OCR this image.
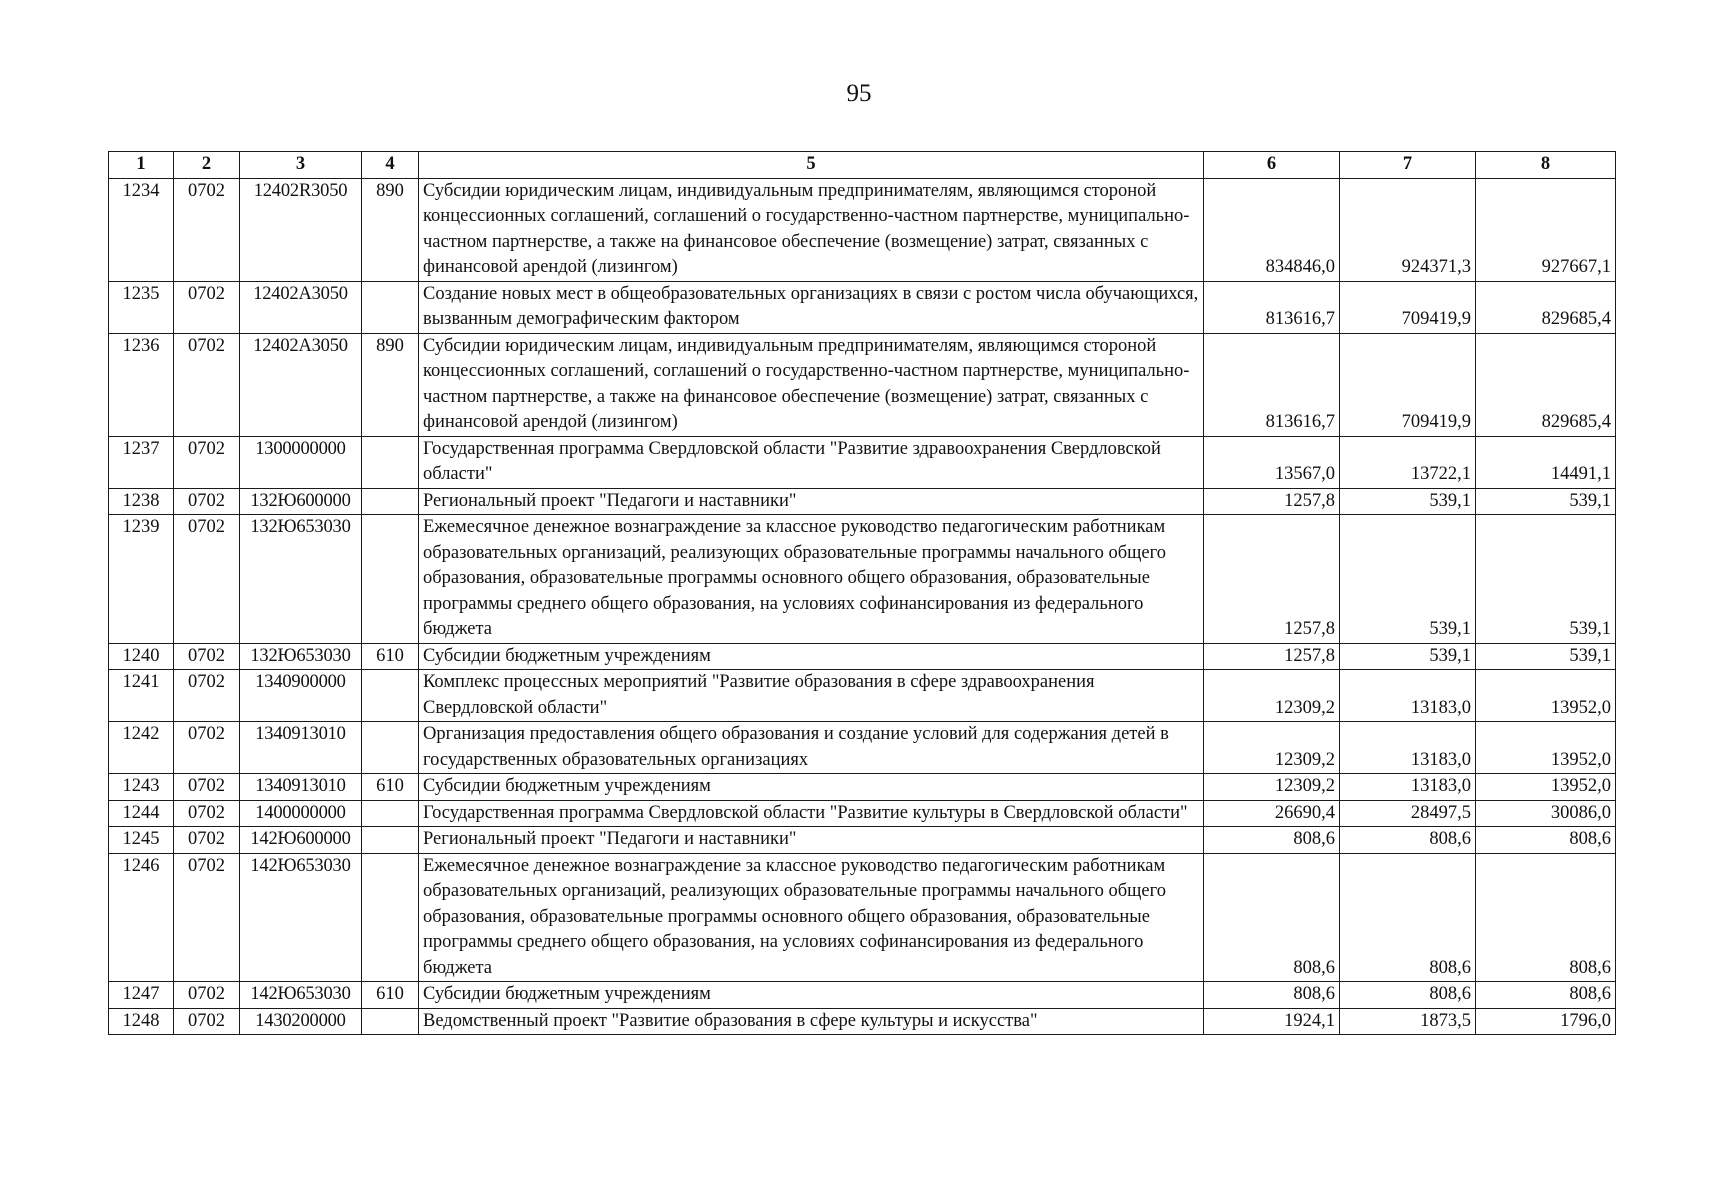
95
1	2	3	4	5	6	7	8
1234	0702	12402R3050	890	Субсидии юридическим лицам, индивидуальным предпринимателям, являющимся стороной концессионных соглашений, соглашений о государственно-частном партнерстве, муниципально-частном партнерстве, а также на финансовое обеспечение (возмещение) затрат, связанных с финансовой арендой (лизингом)	834846,0	924371,3	927667,1
1235	0702	12402A3050		Создание новых мест в общеобразовательных организациях в связи с ростом числа обучающихся, вызванным демографическим фактором	813616,7	709419,9	829685,4
1236	0702	12402A3050	890	Субсидии юридическим лицам, индивидуальным предпринимателям, являющимся стороной концессионных соглашений, соглашений о государственно-частном партнерстве, муниципально-частном партнерстве, а также на финансовое обеспечение (возмещение) затрат, связанных с финансовой арендой (лизингом)	813616,7	709419,9	829685,4
1237	0702	1300000000		Государственная программа Свердловской области "Развитие здравоохранения Свердловской области"	13567,0	13722,1	14491,1
1238	0702	132Ю600000		Региональный проект "Педагоги и наставники"	1257,8	539,1	539,1
1239	0702	132Ю653030		Ежемесячное денежное вознаграждение за классное руководство педагогическим работникам образовательных организаций, реализующих образовательные программы начального общего образования, образовательные программы основного общего образования, образовательные программы среднего общего образования, на условиях софинансирования из федерального бюджета	1257,8	539,1	539,1
1240	0702	132Ю653030	610	Субсидии бюджетным учреждениям	1257,8	539,1	539,1
1241	0702	1340900000		Комплекс процессных мероприятий "Развитие образования в сфере здравоохранения Свердловской области"	12309,2	13183,0	13952,0
1242	0702	1340913010		Организация предоставления общего образования и создание условий для содержания детей в государственных образовательных организациях	12309,2	13183,0	13952,0
1243	0702	1340913010	610	Субсидии бюджетным учреждениям	12309,2	13183,0	13952,0
1244	0702	1400000000		Государственная программа Свердловской области "Развитие культуры в Свердловской области"	26690,4	28497,5	30086,0
1245	0702	142Ю600000		Региональный проект "Педагоги и наставники"	808,6	808,6	808,6
1246	0702	142Ю653030		Ежемесячное денежное вознаграждение за классное руководство педагогическим работникам образовательных организаций, реализующих образовательные программы начального общего образования, образовательные программы основного общего образования, образовательные программы среднего общего образования, на условиях софинансирования из федерального бюджета	808,6	808,6	808,6
1247	0702	142Ю653030	610	Субсидии бюджетным учреждениям	808,6	808,6	808,6
1248	0702	1430200000		Ведомственный проект "Развитие образования в сфере культуры и искусства"	1924,1	1873,5	1796,0
